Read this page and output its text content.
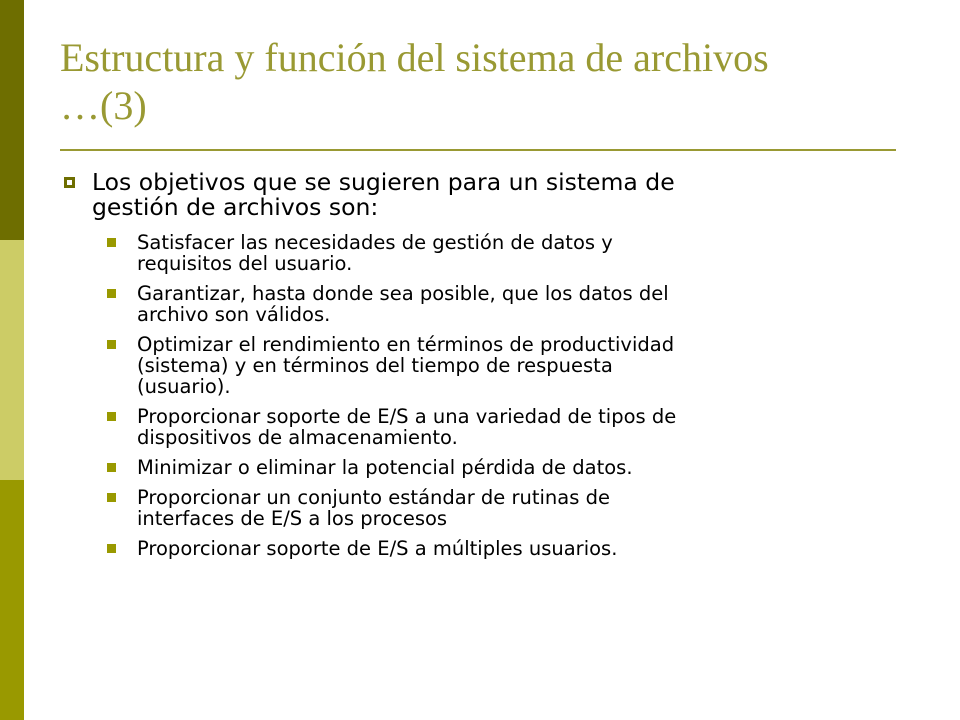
Estructura y función del sistema de archivos
…(3)
Los objetivos que se sugieren para un sistema de
gestión de archivos son:
Satisfacer las necesidades de gestión de datos y
requisitos del usuario.
Garantizar, hasta donde sea posible, que los datos del
archivo son válidos.
Optimizar el rendimiento en términos de productividad
(sistema) y en términos del tiempo de respuesta
(usuario).
Proporcionar soporte de E/S a una variedad de tipos de
dispositivos de almacenamiento.
Minimizar o eliminar la potencial pérdida de datos.
Proporcionar un conjunto estándar de rutinas de
interfaces de E/S a los procesos
Proporcionar soporte de E/S a múltiples usuarios.
